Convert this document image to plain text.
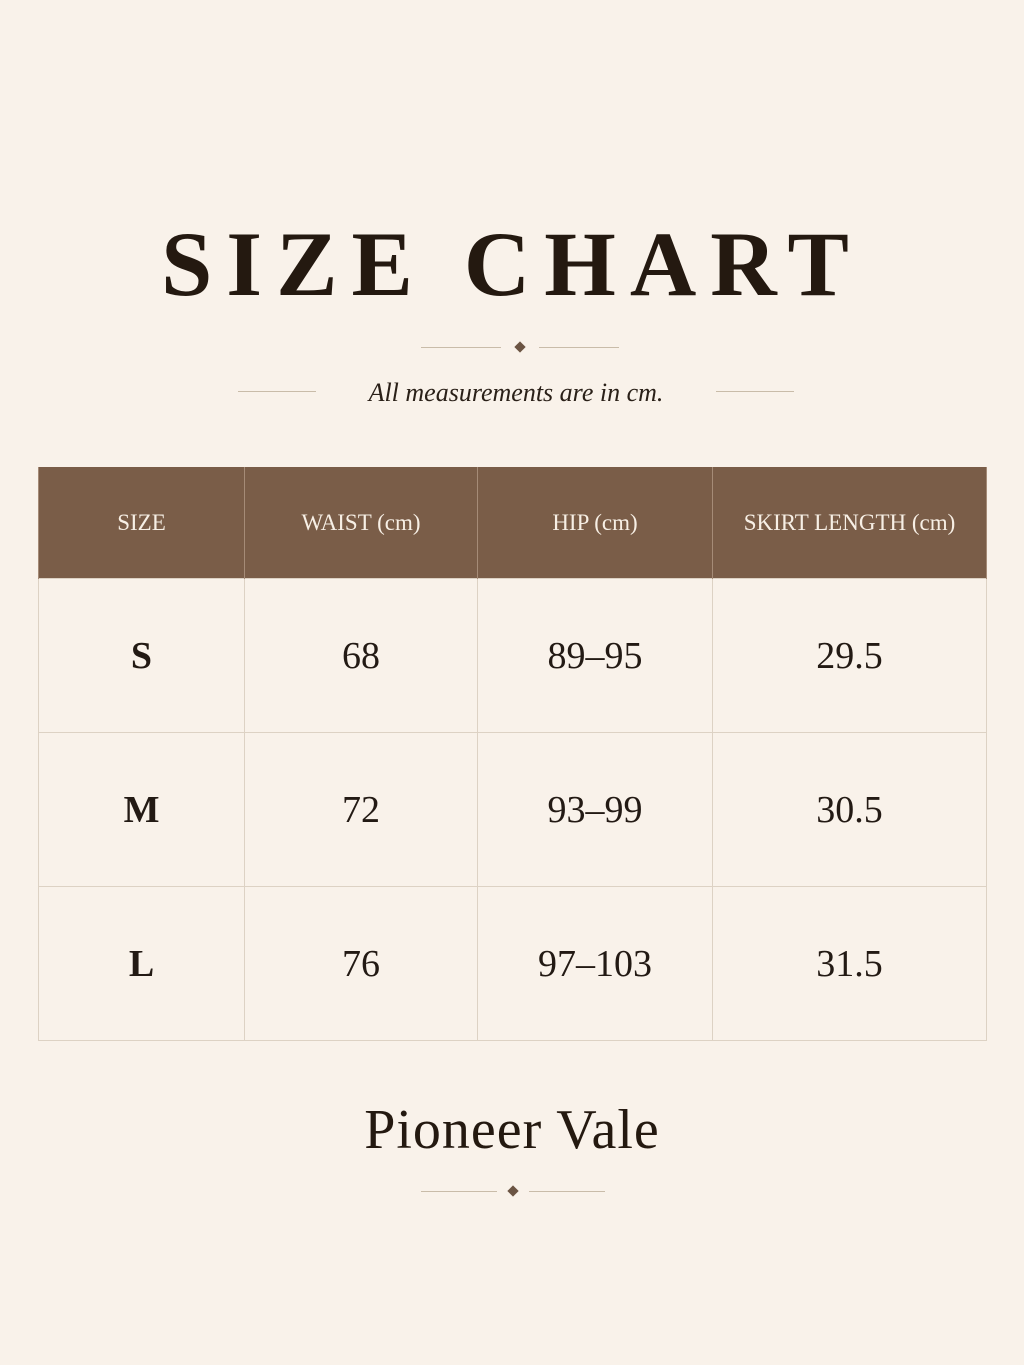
SIZE CHART
All measurements are in cm.
SIZE	WAIST (cm)	HIP (cm)	SKIRT LENGTH (cm)
S	68	89–95	29.5
M	72	93–99	30.5
L	76	97–103	31.5
Pioneer Vale
